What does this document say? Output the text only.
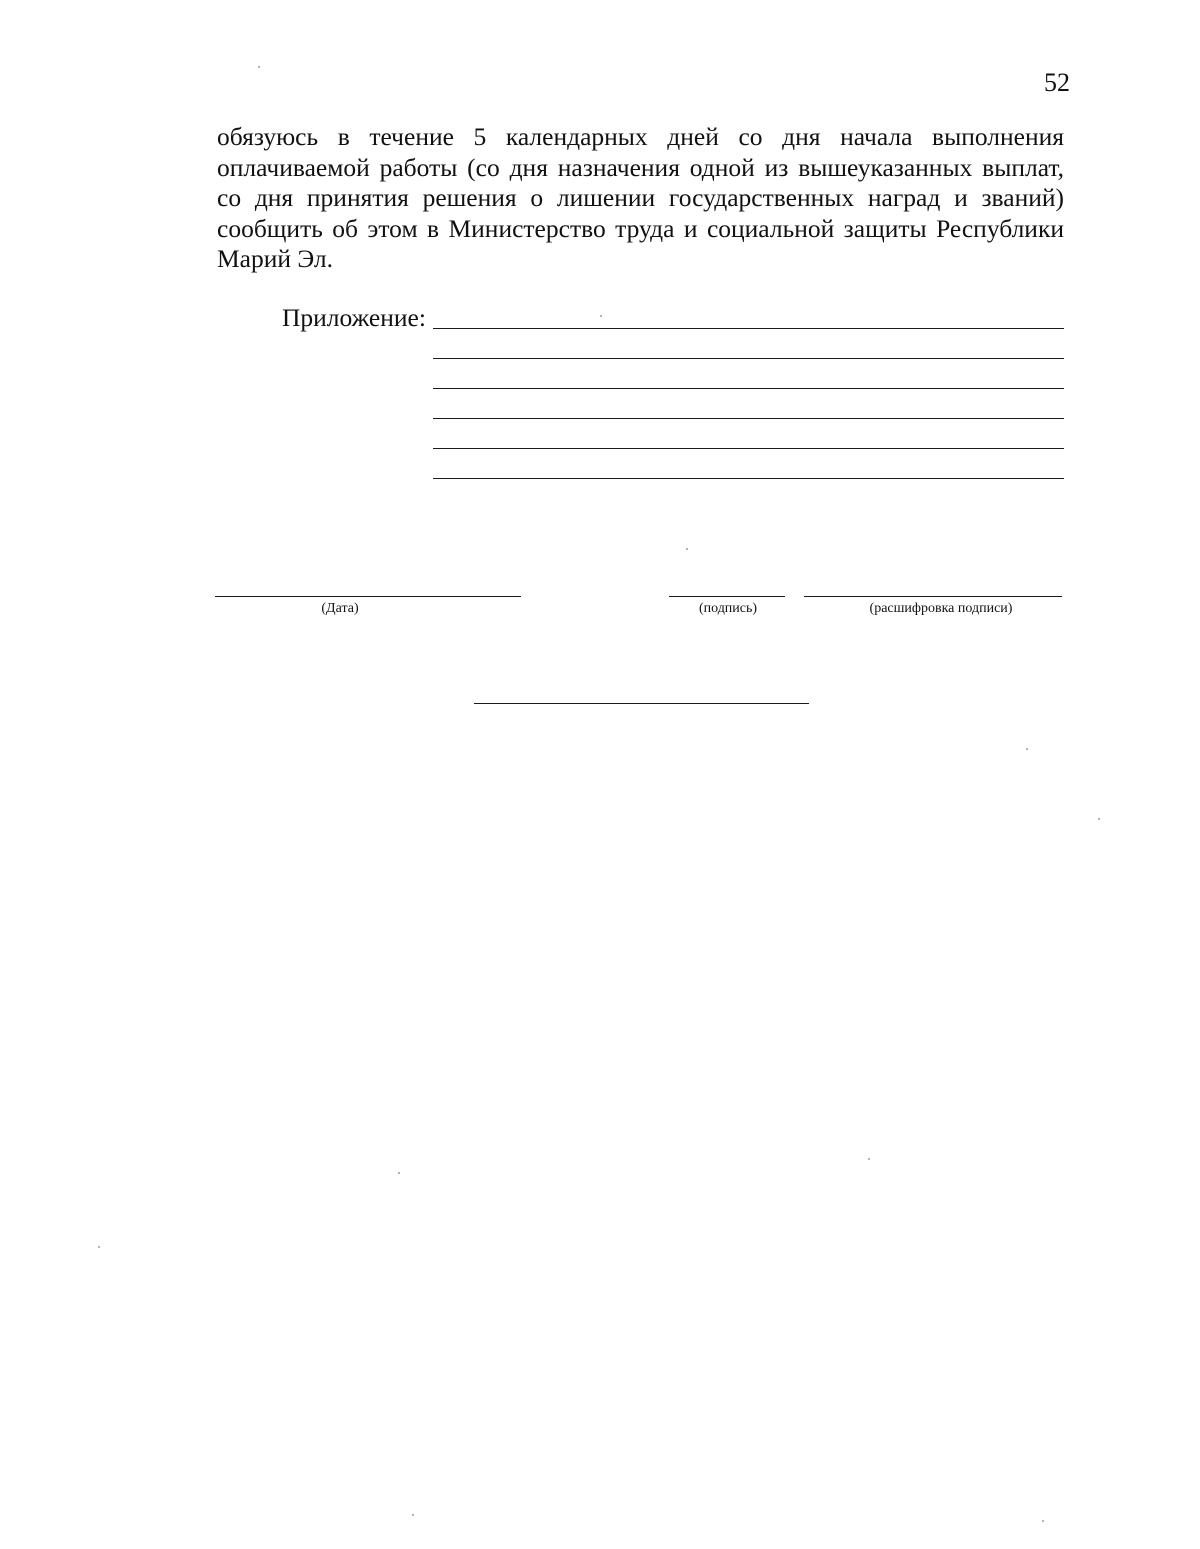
52

обязуюсь в течение 5 календарных дней со дня начала выполнения оплачиваемой работы (со дня назначения одной из вышеуказанных выплат, со дня принятия решения о лишении государственных наград и званий) сообщить об этом в Министерство труда и социальной защиты Республики Марий Эл.

Приложение:
(Дата)	(подпись)	(расшифровка подписи)
